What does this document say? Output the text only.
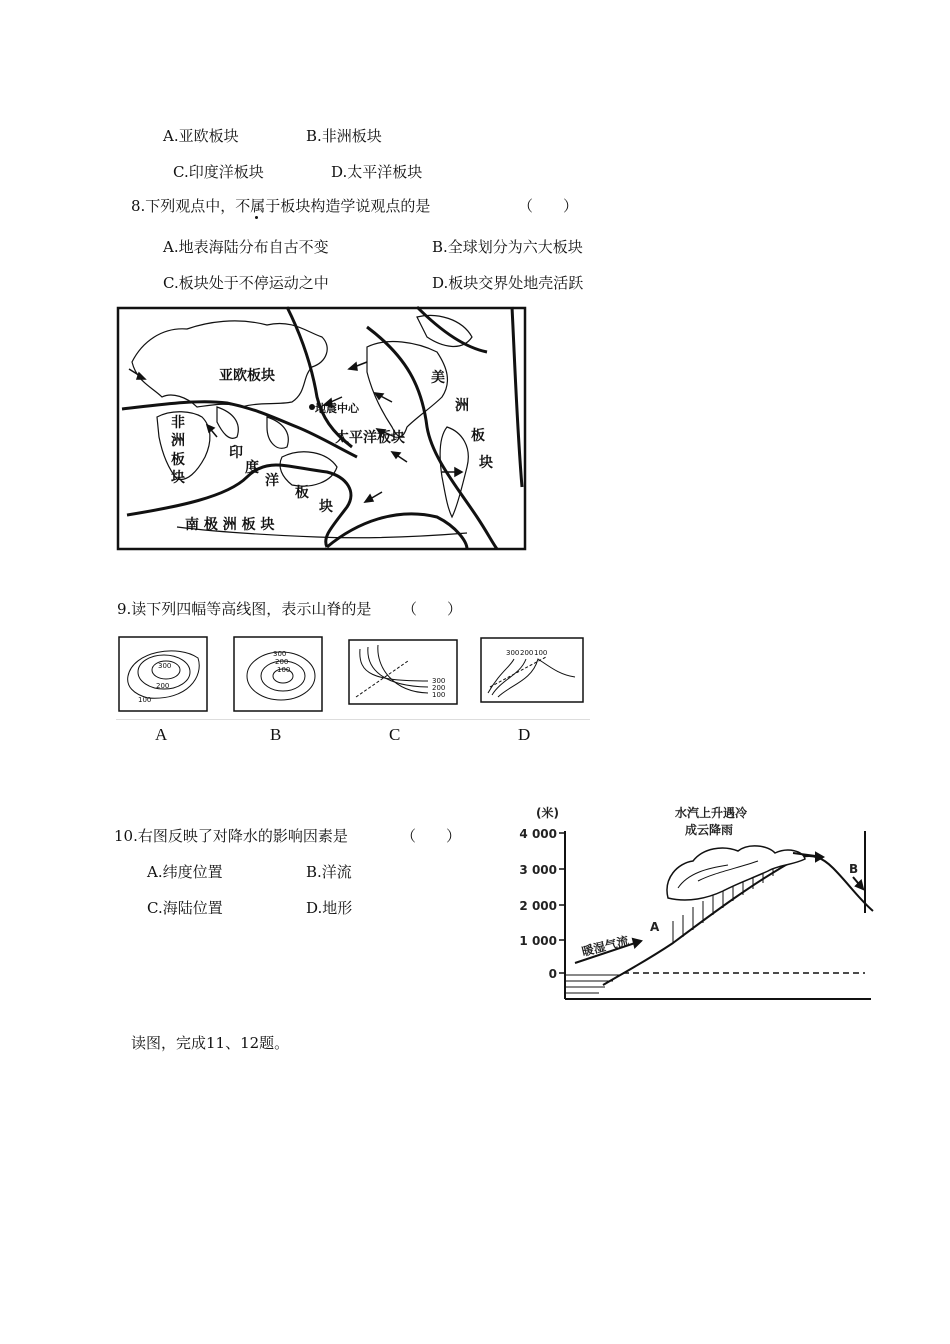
A.亚欧板块	B.非洲板块
C.印度洋板块	D.太平洋板块
8.下列观点中，不属于板块构造学说观点的是	（　　）
A.地表海陆分布自古不变	B.全球划分为六大板块
C.板块处于不停运动之中	D.板块交界处地壳活跃
亚欧板块
非
洲
板
块
印
度
洋
板
块
太平洋板块
美
洲
板
块
南 极 洲 板 块
地震中心
9.读下列四幅等高线图，表示山脊的是 （　　）
300
200
100
300
200
100
300
200
100
300 200 100
A	B	C	D
10.右图反映了对降水的影响因素是	（　　）
A.纬度位置	B.洋流
C.海陆位置	D.地形
(米)
4 000
3 000
2 000
1 000
0
水汽上升遇冷
成云降雨
暖湿气流
A
B
读图，完成11、12题。
